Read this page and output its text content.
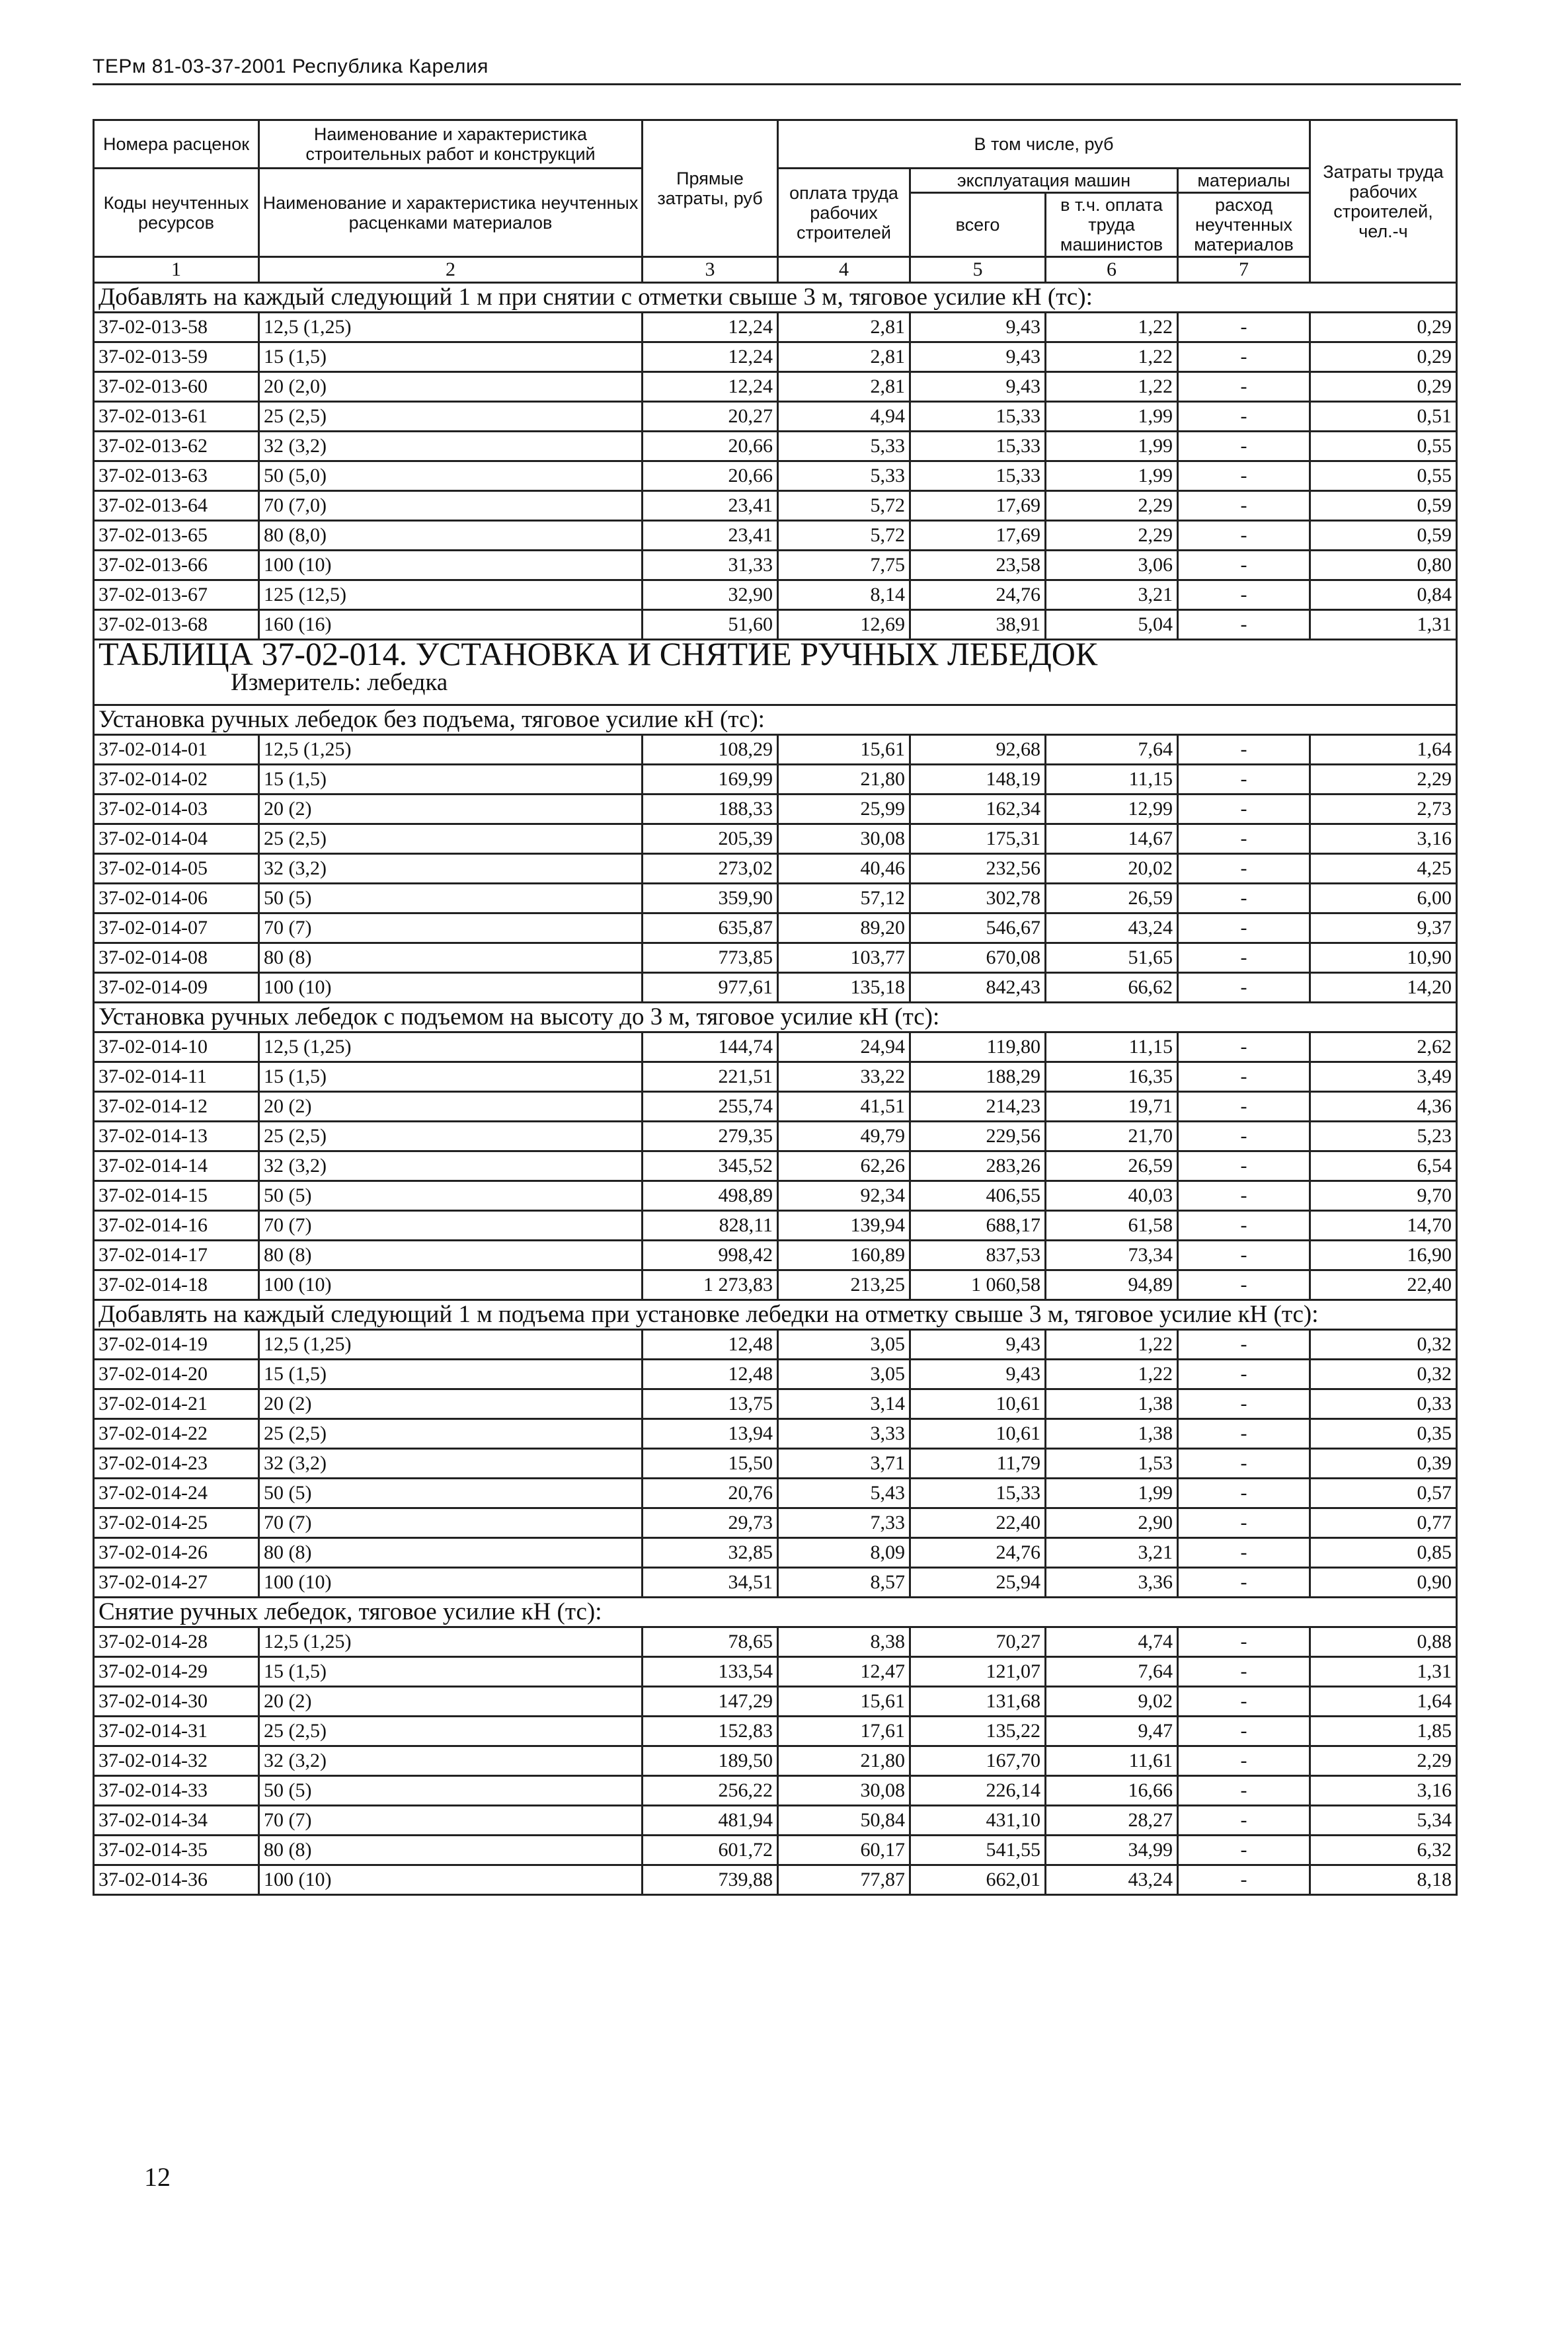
ТЕРм 81-03-37-2001 Республика Карелия
Номера расценок	Наименование и характеристика строительных работ и конструкций	Прямые затраты, руб	В том числе, руб				Затраты труда рабочих строителей, чел.-ч
Коды неучтенных ресурсов	Наименование и характеристика неучтенных расценками материалов		оплата труда рабочих строителей	эксплуатация машин		материалы	
				всего	в т.ч. оплата труда машинистов	расход неучтенных материалов	
1	2	3	4	5	6	7	
Добавлять на каждый следующий 1 м при снятии с отметки свыше 3 м, тяговое усилие кН (тс):							
37-02-013-58	12,5 (1,25)	12,24	2,81	9,43	1,22	-	0,29
37-02-013-59	15 (1,5)	12,24	2,81	9,43	1,22	-	0,29
37-02-013-60	20 (2,0)	12,24	2,81	9,43	1,22	-	0,29
37-02-013-61	25 (2,5)	20,27	4,94	15,33	1,99	-	0,51
37-02-013-62	32 (3,2)	20,66	5,33	15,33	1,99	-	0,55
37-02-013-63	50 (5,0)	20,66	5,33	15,33	1,99	-	0,55
37-02-013-64	70 (7,0)	23,41	5,72	17,69	2,29	-	0,59
37-02-013-65	80 (8,0)	23,41	5,72	17,69	2,29	-	0,59
37-02-013-66	100 (10)	31,33	7,75	23,58	3,06	-	0,80
37-02-013-67	125 (12,5)	32,90	8,14	24,76	3,21	-	0,84
37-02-013-68	160 (16)	51,60	12,69	38,91	5,04	-	1,31
ТАБЛИЦА 37-02-014. УСТАНОВКА И СНЯТИЕ РУЧНЫХ ЛЕБЕДОК
Измеритель: лебедка							

Установка ручных лебедок без подъема, тяговое усилие кН (тс):							
37-02-014-01	12,5 (1,25)	108,29	15,61	92,68	7,64	-	1,64
37-02-014-02	15 (1,5)	169,99	21,80	148,19	11,15	-	2,29
37-02-014-03	20 (2)	188,33	25,99	162,34	12,99	-	2,73
37-02-014-04	25 (2,5)	205,39	30,08	175,31	14,67	-	3,16
37-02-014-05	32 (3,2)	273,02	40,46	232,56	20,02	-	4,25
37-02-014-06	50 (5)	359,90	57,12	302,78	26,59	-	6,00
37-02-014-07	70 (7)	635,87	89,20	546,67	43,24	-	9,37
37-02-014-08	80 (8)	773,85	103,77	670,08	51,65	-	10,90
37-02-014-09	100 (10)	977,61	135,18	842,43	66,62	-	14,20
Установка ручных лебедок с подъемом на высоту до 3 м, тяговое усилие кН (тс):							
37-02-014-10	12,5 (1,25)	144,74	24,94	119,80	11,15	-	2,62
37-02-014-11	15 (1,5)	221,51	33,22	188,29	16,35	-	3,49
37-02-014-12	20 (2)	255,74	41,51	214,23	19,71	-	4,36
37-02-014-13	25 (2,5)	279,35	49,79	229,56	21,70	-	5,23
37-02-014-14	32 (3,2)	345,52	62,26	283,26	26,59	-	6,54
37-02-014-15	50 (5)	498,89	92,34	406,55	40,03	-	9,70
37-02-014-16	70 (7)	828,11	139,94	688,17	61,58	-	14,70
37-02-014-17	80 (8)	998,42	160,89	837,53	73,34	-	16,90
37-02-014-18	100 (10)	1 273,83	213,25	1 060,58	94,89	-	22,40
Добавлять на каждый следующий 1 м подъема при установке лебедки на отметку свыше 3 м, тяговое усилие кН (тс):							
37-02-014-19	12,5 (1,25)	12,48	3,05	9,43	1,22	-	0,32
37-02-014-20	15 (1,5)	12,48	3,05	9,43	1,22	-	0,32
37-02-014-21	20 (2)	13,75	3,14	10,61	1,38	-	0,33
37-02-014-22	25 (2,5)	13,94	3,33	10,61	1,38	-	0,35
37-02-014-23	32 (3,2)	15,50	3,71	11,79	1,53	-	0,39
37-02-014-24	50 (5)	20,76	5,43	15,33	1,99	-	0,57
37-02-014-25	70 (7)	29,73	7,33	22,40	2,90	-	0,77
37-02-014-26	80 (8)	32,85	8,09	24,76	3,21	-	0,85
37-02-014-27	100 (10)	34,51	8,57	25,94	3,36	-	0,90
Снятие ручных лебедок, тяговое усилие кН (тс):							
37-02-014-28	12,5 (1,25)	78,65	8,38	70,27	4,74	-	0,88
37-02-014-29	15 (1,5)	133,54	12,47	121,07	7,64	-	1,31
37-02-014-30	20 (2)	147,29	15,61	131,68	9,02	-	1,64
37-02-014-31	25 (2,5)	152,83	17,61	135,22	9,47	-	1,85
37-02-014-32	32 (3,2)	189,50	21,80	167,70	11,61	-	2,29
37-02-014-33	50 (5)	256,22	30,08	226,14	16,66	-	3,16
37-02-014-34	70 (7)	481,94	50,84	431,10	28,27	-	5,34
37-02-014-35	80 (8)	601,72	60,17	541,55	34,99	-	6,32
37-02-014-36	100 (10)	739,88	77,87	662,01	43,24	-	8,18
12
